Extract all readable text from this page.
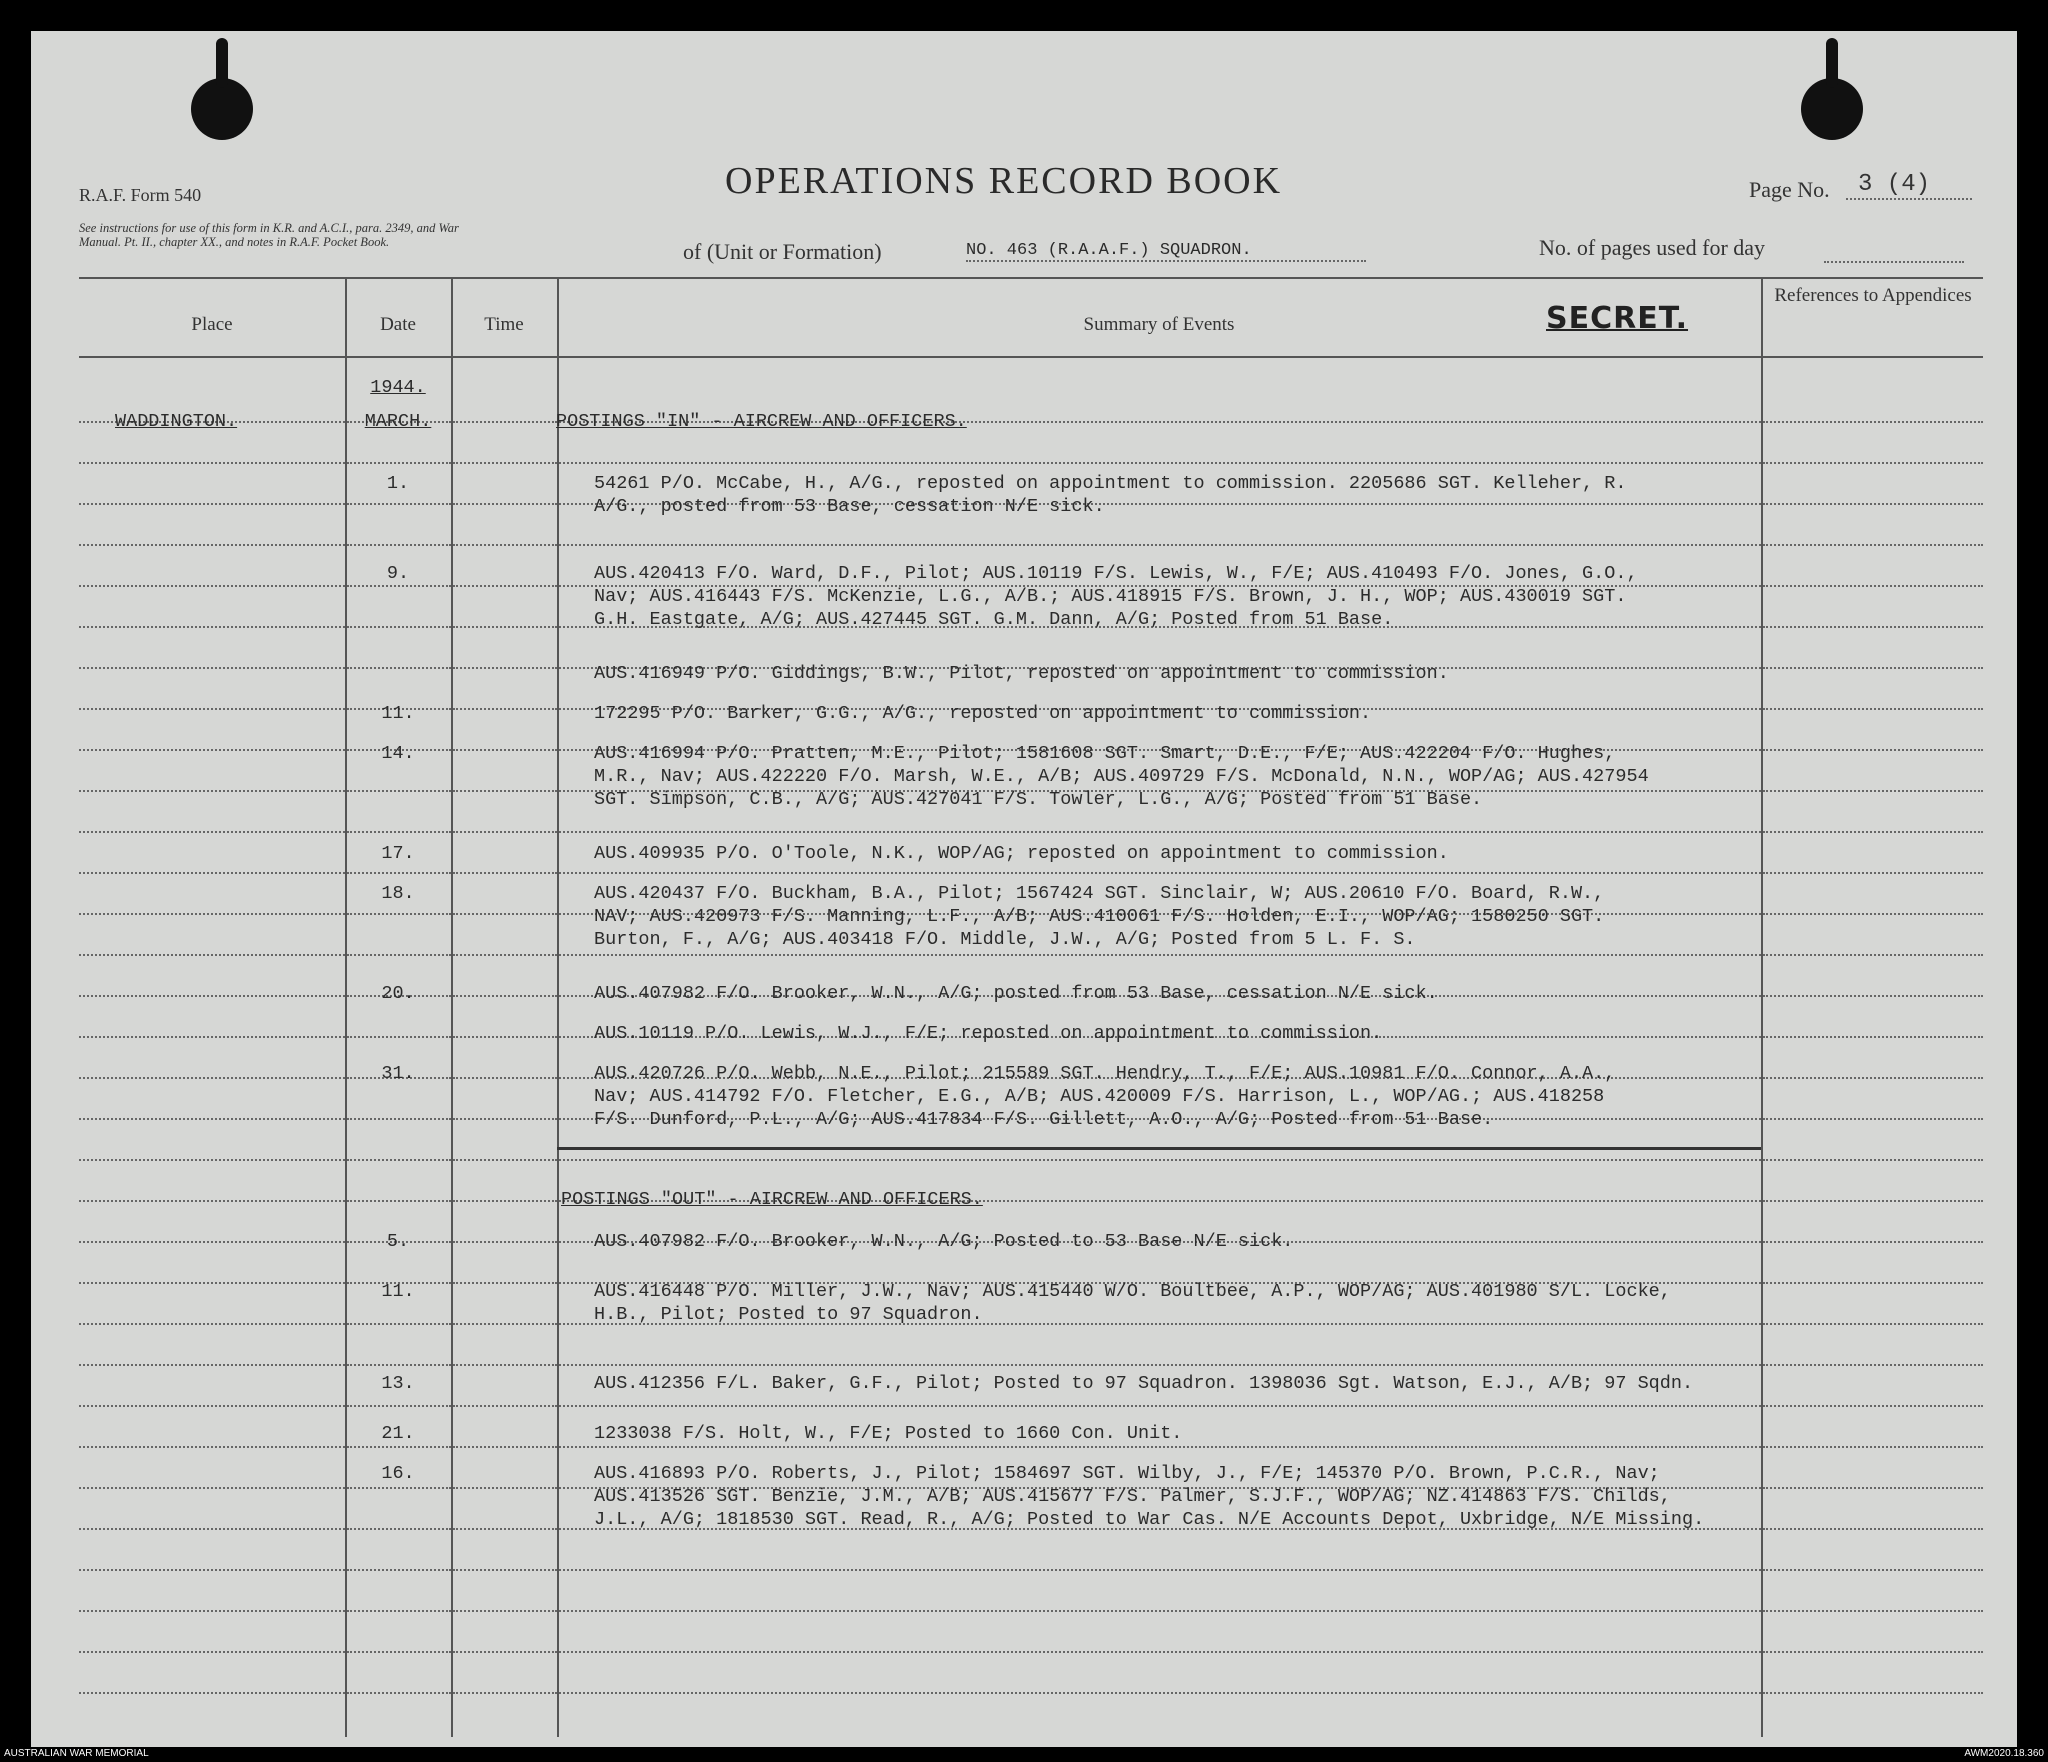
R.A.F. Form 540
See instructions for use of this form in K.R. and A.C.I., para. 2349, and War Manual. Pt. II., chapter XX., and notes in R.A.F. Pocket Book.
OPERATIONS RECORD BOOK	Page No.	3 (4)
of (Unit or Formation)	NO. 463 (R.A.A.F.) SQUADRON.	No. of pages used for day
Place	Date	Time	Summary of Events	SECRET.
References to Appendices
WADDINGTON.
1944.
MARCH.	POSTINGS "IN" - AIRCREW AND OFFICERS.
1.	54261 P/O. McCabe, H., A/G., reposted on appointment to commission. 2205686 SGT. Kelleher, R.
A/G., posted from 53 Base, cessation N/E sick.
9.	AUS.420413 F/O. Ward, D.F., Pilot; AUS.10119 F/S. Lewis, W., F/E; AUS.410493 F/O. Jones, G.O.,
Nav; AUS.416443 F/S. McKenzie, L.G., A/B.; AUS.418915 F/S. Brown, J. H., WOP; AUS.430019 SGT.
G.H. Eastgate, A/G; AUS.427445 SGT. G.M. Dann, A/G; Posted from 51 Base.
AUS.416949 P/O. Giddings, B.W., Pilot, reposted on appointment to commission.
11.	172295 P/O. Barker, G.G., A/G., reposted on appointment to commission.
14.	AUS.416994 P/O. Pratten, M.E., Pilot; 1581608 SGT. Smart, D.E., F/E; AUS.422204 F/O. Hughes,
M.R., Nav; AUS.422220 F/O. Marsh, W.E., A/B; AUS.409729 F/S. McDonald, N.N., WOP/AG; AUS.427954
SGT. Simpson, C.B., A/G; AUS.427041 F/S. Towler, L.G., A/G; Posted from 51 Base.
17.	AUS.409935 P/O. O'Toole, N.K., WOP/AG; reposted on appointment to commission.
18.	AUS.420437 F/O. Buckham, B.A., Pilot; 1567424 SGT. Sinclair, W; AUS.20610 F/O. Board, R.W.,
NAV; AUS.420973 F/S. Manning, L.F., A/B; AUS.410061 F/S. Holden, E.I., WOP/AG; 1580250 SGT.
Burton, F., A/G; AUS.403418 F/O. Middle, J.W., A/G; Posted from 5 L. F. S.
20.	AUS.407982 F/O. Brooker, W.N., A/G; posted from 53 Base, cessation N/E sick.
AUS.10119 P/O. Lewis, W.J., F/E; reposted on appointment to commission.
31.	AUS.420726 P/O. Webb, N.E., Pilot; 215589 SGT. Hendry, T., F/E; AUS.10981 F/O. Connor, A.A.,
Nav; AUS.414792 F/O. Fletcher, E.G., A/B; AUS.420009 F/S. Harrison, L., WOP/AG.; AUS.418258
F/S. Dunford, P.L., A/G; AUS.417834 F/S. Gillett, A.O., A/G; Posted from 51 Base.
POSTINGS "OUT" - AIRCREW AND OFFICERS.
5.	AUS.407982 F/O. Brooker, W.N., A/G; Posted to 53 Base N/E sick.
11.	AUS.416448 P/O. Miller, J.W., Nav; AUS.415440 W/O. Boultbee, A.P., WOP/AG; AUS.401980 S/L. Locke,
H.B., Pilot; Posted to 97 Squadron.
13.	AUS.412356 F/L. Baker, G.F., Pilot; Posted to 97 Squadron. 1398036 Sgt. Watson, E.J., A/B; 97 Sqdn.
21.	1233038 F/S. Holt, W., F/E; Posted to 1660 Con. Unit.
16.	AUS.416893 P/O. Roberts, J., Pilot; 1584697 SGT. Wilby, J., F/E; 145370 P/O. Brown, P.C.R., Nav;
AUS.413526 SGT. Benzie, J.M., A/B; AUS.415677 F/S. Palmer, S.J.F., WOP/AG; NZ.414863 F/S. Childs,
J.L., A/G; 1818530 SGT. Read, R., A/G; Posted to War Cas. N/E Accounts Depot, Uxbridge, N/E Missing.
AUSTRALIAN WAR MEMORIAL	AWM2020.18.360
